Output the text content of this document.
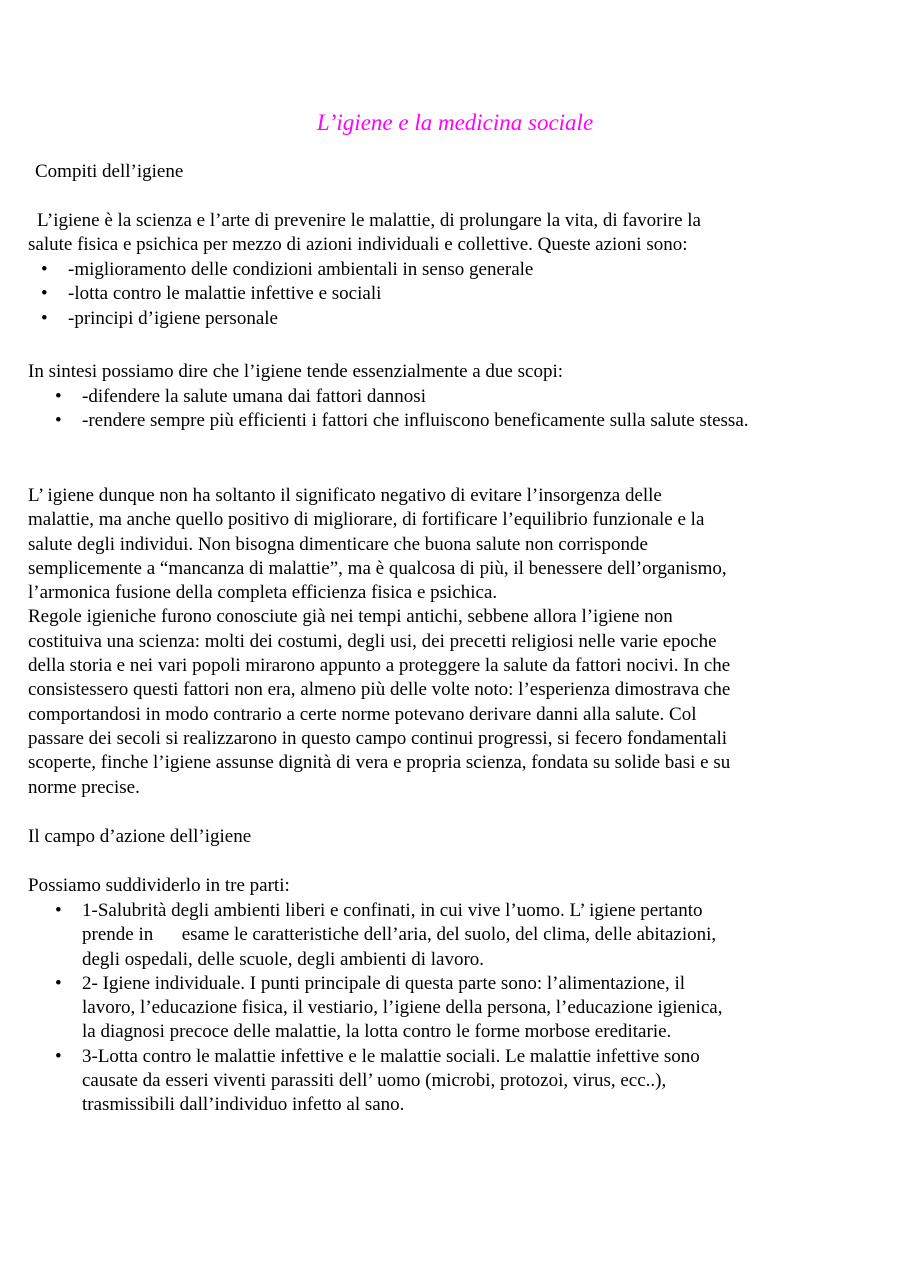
L’igiene e la medicina sociale
Compiti dell’igiene
L’igiene è la scienza e l’arte di prevenire le malattie, di prolungare la vita, di favorire la
salute fisica e psichica per mezzo di azioni individuali e collettive. Queste azioni sono:
• -miglioramento delle condizioni ambientali in senso generale
• -lotta contro le malattie infettive e sociali
• -principi d’igiene personale
In sintesi possiamo dire che l’igiene tende essenzialmente a due scopi:
• -difendere la salute umana dai fattori dannosi
• -rendere sempre più efficienti i fattori che influiscono beneficamente sulla salute stessa.
L’ igiene dunque non ha soltanto il significato negativo di evitare l’insorgenza delle
malattie, ma anche quello positivo di migliorare, di fortificare l’equilibrio funzionale e la
salute degli individui. Non bisogna dimenticare che buona salute non corrisponde
semplicemente a “mancanza di malattie”, ma è qualcosa di più, il benessere dell’organismo,
l’armonica fusione della completa efficienza fisica e psichica.
Regole igieniche furono conosciute già nei tempi antichi, sebbene allora l’igiene non
costituiva una scienza: molti dei costumi, degli usi, dei precetti religiosi nelle varie epoche
della storia e nei vari popoli mirarono appunto a proteggere la salute da fattori nocivi. In che
consistessero questi fattori non era, almeno più delle volte noto: l’esperienza dimostrava che
comportandosi in modo contrario a certe norme potevano derivare danni alla salute. Col
passare dei secoli si realizzarono in questo campo continui progressi, si fecero fondamentali
scoperte, finche l’igiene assunse dignità di vera e propria scienza, fondata su solide basi e su
norme precise.
Il campo d’azione dell’igiene
Possiamo suddividerlo in tre parti:
• 1-Salubrità degli ambienti liberi e confinati, in cui vive l’uomo. L’ igiene pertanto
prende in      esame le caratteristiche dell’aria, del suolo, del clima, delle abitazioni,
degli ospedali, delle scuole, degli ambienti di lavoro.
• 2- Igiene individuale. I punti principale di questa parte sono: l’alimentazione, il
lavoro, l’educazione fisica, il vestiario, l’igiene della persona, l’educazione igienica,
la diagnosi precoce delle malattie, la lotta contro le forme morbose ereditarie.
• 3-Lotta contro le malattie infettive e le malattie sociali. Le malattie infettive sono
causate da esseri viventi parassiti dell’ uomo (microbi, protozoi, virus, ecc..),
trasmissibili dall’individuo infetto al sano.
